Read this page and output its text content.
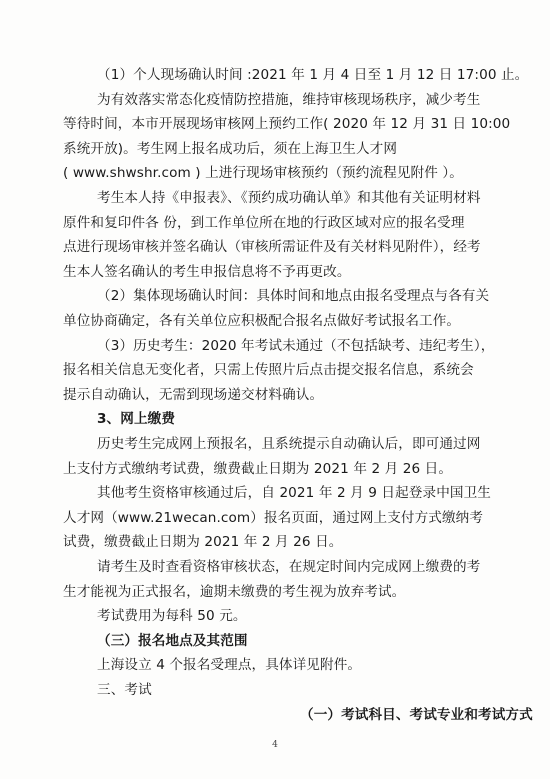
（1）个人现场确认时间 :2021 年 1 月 4 日至 1 月 12 日 17:00 止。
为有效落实常态化疫情防控措施，维持审核现场秩序，减少考生
等待时间，本市开展现场审核网上预约工作( 2020 年 12 月 31 日 10:00
系统开放)。考生网上报名成功后，须在上海卫生人才网
( www.shwshr.com ) 上进行现场审核预约（预约流程见附件 ）。
考生本人持《申报表》、《预约成功确认单》和其他有关证明材料
原件和复印件各 份，到工作单位所在地的行政区域对应的报名受理
点进行现场审核并签名确认（审核所需证件及有关材料见附件），经考
生本人签名确认的考生申报信息将不予再更改。
（2）集体现场确认时间：具体时间和地点由报名受理点与各有关
单位协商确定，各有关单位应积极配合报名点做好考试报名工作。
（3）历史考生：2020 年考试未通过（不包括缺考、违纪考生），
报名相关信息无变化者，只需上传照片后点击提交报名信息，系统会
提示自动确认，无需到现场递交材料确认。
3、网上缴费
历史考生完成网上预报名，且系统提示自动确认后，即可通过网
上支付方式缴纳考试费，缴费截止日期为 2021 年 2 月 26 日。
其他考生资格审核通过后，自 2021 年 2 月 9 日起登录中国卫生
人才网（www.21wecan.com）报名页面，通过网上支付方式缴纳考
试费，缴费截止日期为 2021 年 2 月 26 日。
请考生及时查看资格审核状态，在规定时间内完成网上缴费的考
生才能视为正式报名，逾期未缴费的考生视为放弃考试。
考试费用为每科 50 元。
（三）报名地点及其范围
上海设立 4 个报名受理点，具体详见附件。
三、考试
（一）考试科目、考试专业和考试方式
4
